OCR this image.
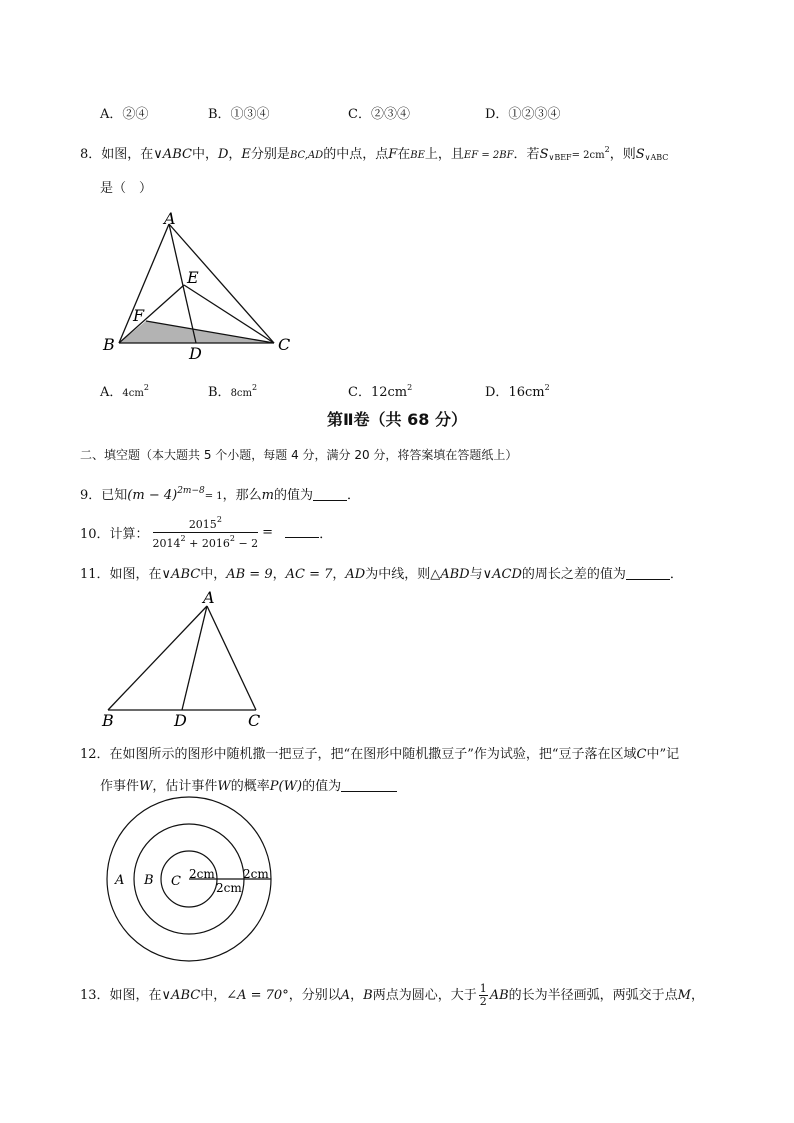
A．②④	B．①③④	C．②③④	D．①②③④
8．如图，在∨ABC中，D，E分别是BC,AD的中点，点F在BE上，且EF = 2BF．若$S_{\vee BEF}= 2cm^2$，则$S_{\vee ABC}$
是（　）
A
B	C
D
E
F
A．$4cm^2$	B．$8cm^2$	C．$12cm^2$	D．$16cm^2$
第Ⅱ卷（共 68 分）
二、填空题（本大题共 5 个小题，每题 4 分，满分 20 分，将答案填在答题纸上）
9．已知$(m - 4)^{2m-8}= 1$，那么m的值为	．
10．计算： $\frac{2015^2}{2014^2 + 2016^2 - 2}$ =	．
11．如图，在∨ABC中，AB = 9，AC = 7，AD为中线，则△ABD与∨ACD的周长之差的值为	．
A
B	D	C
12．在如图所示的图形中随机撒一把豆子，把“在图形中随机撒豆子”作为试验，把“豆子落在区域C中”记
作事件W，估计事件W的概率P(W)的值为
A B C 2cm
2cm
2cm
13．如图，在∨ABC中，∠A = 70°，分别以A，B两点为圆心，大于 $\frac{1}{2}$ AB的长为半径画弧，两弧交于点M，
